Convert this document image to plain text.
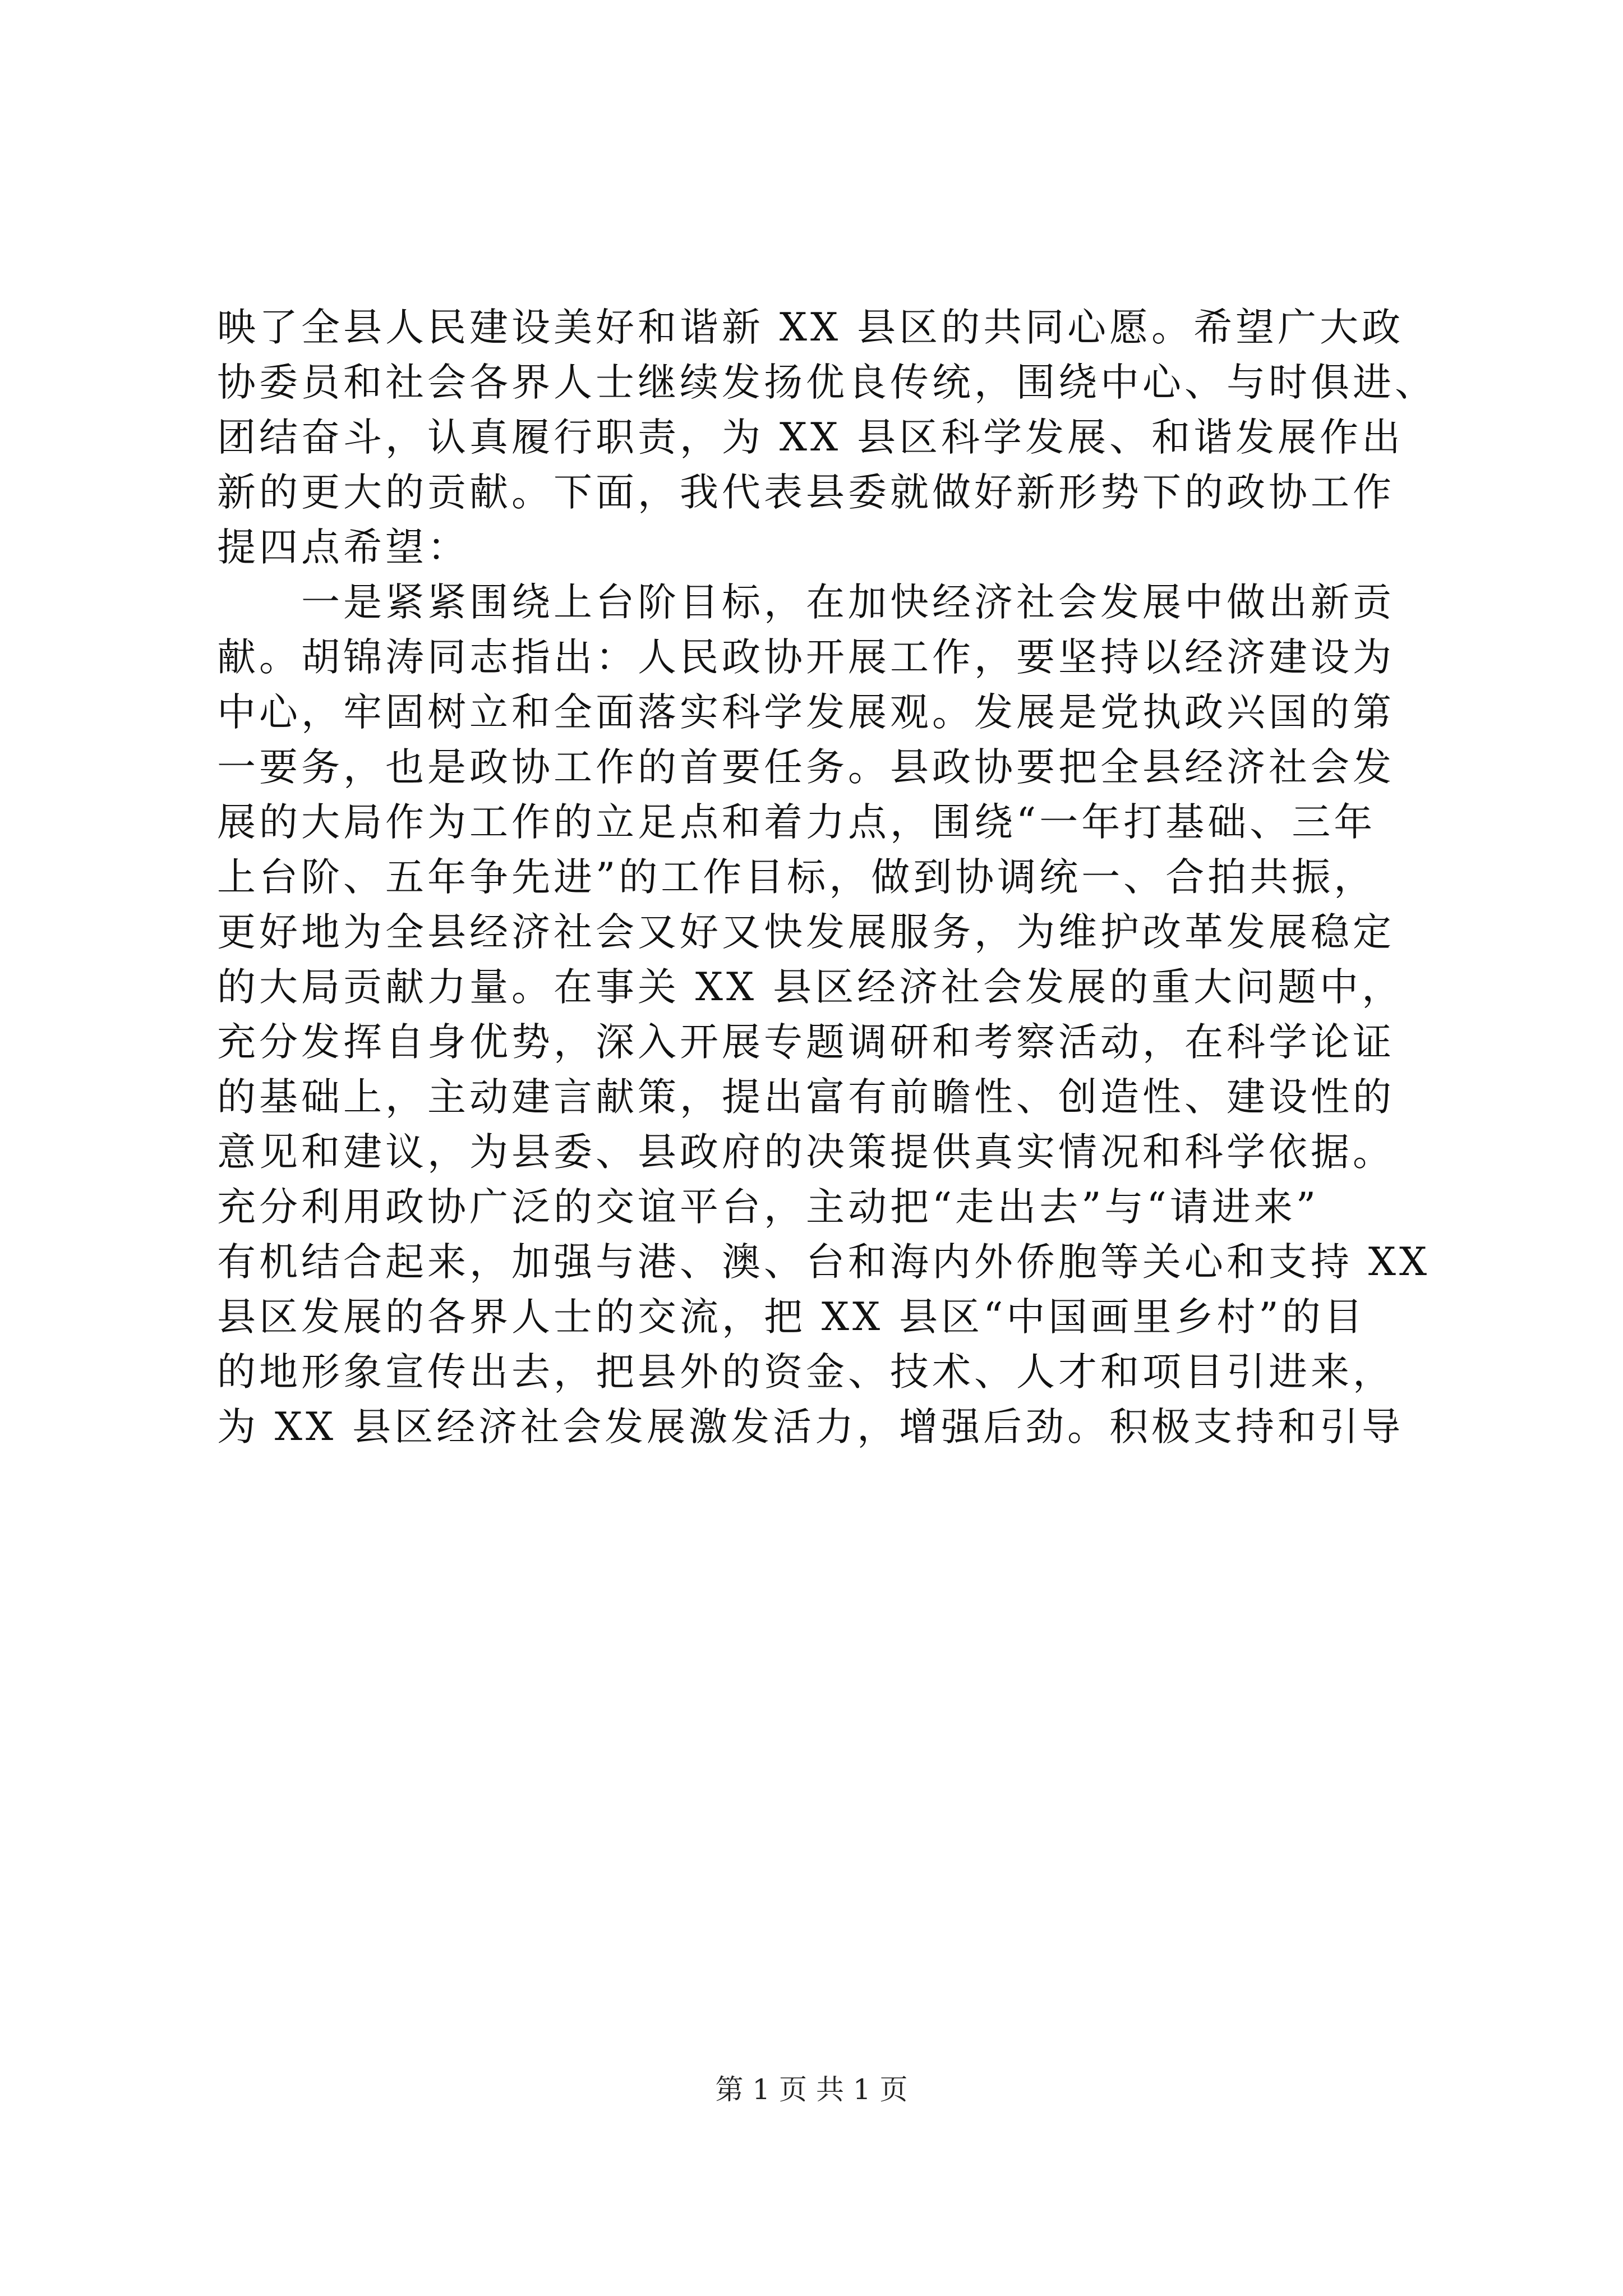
映了全县人民建设美好和谐新 XX 县区的共同心愿。希望广大政
协委员和社会各界人士继续发扬优良传统，围绕中心、与时俱进、
团结奋斗，认真履行职责，为 XX 县区科学发展、和谐发展作出
新的更大的贡献。下面，我代表县委就做好新形势下的政协工作
提四点希望：
　　一是紧紧围绕上台阶目标，在加快经济社会发展中做出新贡
献。胡锦涛同志指出：人民政协开展工作，要坚持以经济建设为
中心，牢固树立和全面落实科学发展观。发展是党执政兴国的第
一要务，也是政协工作的首要任务。县政协要把全县经济社会发
展的大局作为工作的立足点和着力点，围绕“一年打基础、三年
上台阶、五年争先进”的工作目标，做到协调统一、合拍共振，
更好地为全县经济社会又好又快发展服务，为维护改革发展稳定
的大局贡献力量。在事关 XX 县区经济社会发展的重大问题中，
充分发挥自身优势，深入开展专题调研和考察活动，在科学论证
的基础上，主动建言献策，提出富有前瞻性、创造性、建设性的
意见和建议，为县委、县政府的决策提供真实情况和科学依据。
充分利用政协广泛的交谊平台，主动把“走出去”与“请进来”
有机结合起来，加强与港、澳、台和海内外侨胞等关心和支持 XX
县区发展的各界人士的交流，把 XX 县区“中国画里乡村”的目
的地形象宣传出去，把县外的资金、技术、人才和项目引进来，
为 XX 县区经济社会发展激发活力，增强后劲。积极支持和引导
第 1 页 共 1 页
